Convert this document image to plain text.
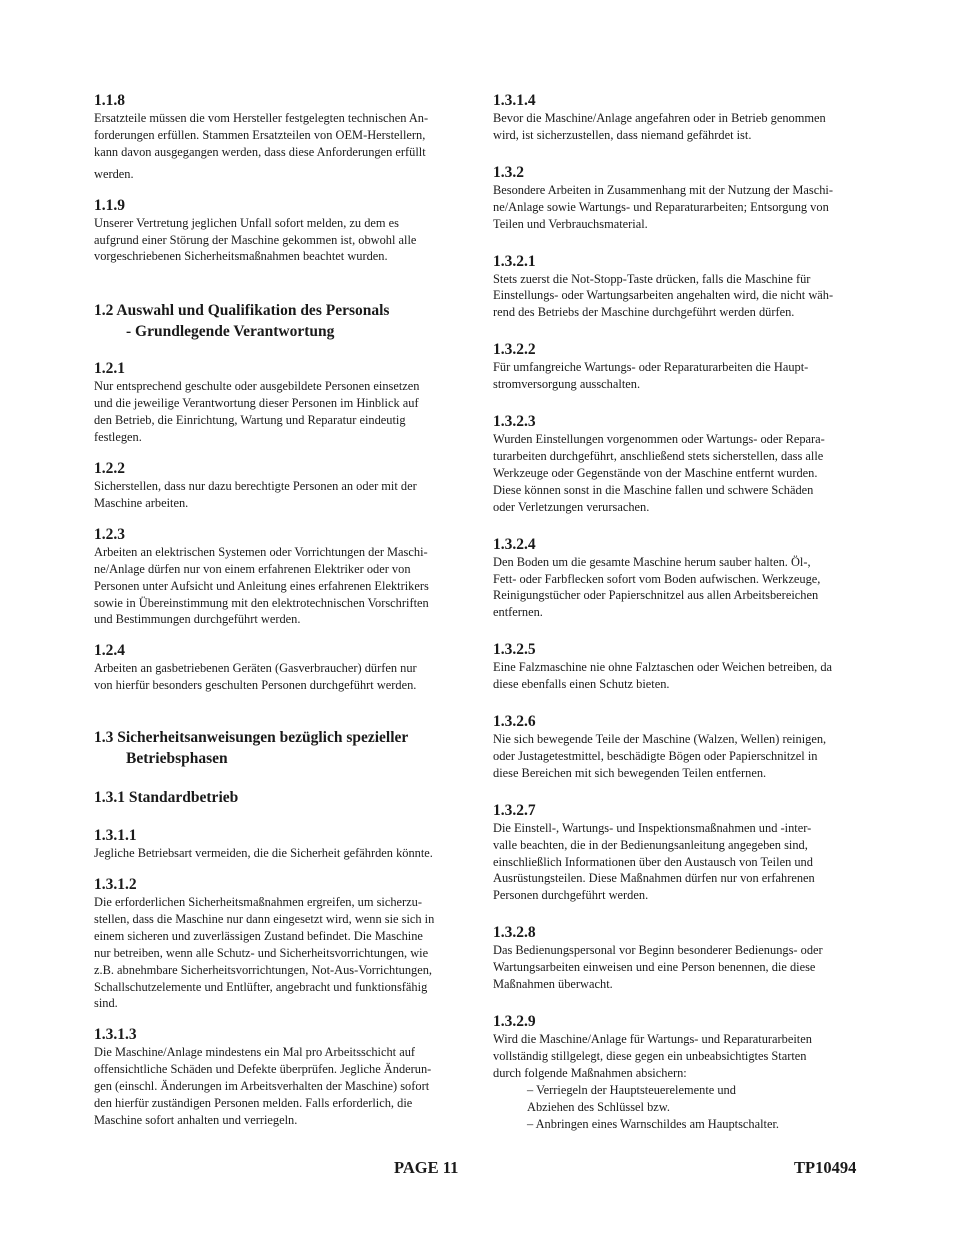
1.1.8

Ersatzteile müssen die vom Hersteller festgelegten technischen An-
forderungen erfüllen. Stammen Ersatzteilen von OEM-Herstellern,
kann davon ausgegangen werden, dass diese Anforderungen erfüllt
werden.

1.1.9

Unserer Vertretung jeglichen Unfall sofort melden, zu dem es
aufgrund einer Störung der Maschine gekommen ist, obwohl alle
vorgeschriebenen Sicherheitsmaßnahmen beachtet wurden.

1.2 Auswahl und Qualifikation des Personals
- Grundlegende Verantwortung

1.2.1

Nur entsprechend geschulte oder ausgebildete Personen einsetzen
und die jeweilige Verantwortung dieser Personen im Hinblick auf
den Betrieb, die Einrichtung, Wartung und Reparatur eindeutig
festlegen.

1.2.2

Sicherstellen, dass nur dazu berechtigte Personen an oder mit der
Maschine arbeiten.

1.2.3

Arbeiten an elektrischen Systemen oder Vorrichtungen der Maschi-
ne/Anlage dürfen nur von einem erfahrenen Elektriker oder von
Personen unter Aufsicht und Anleitung eines erfahrenen Elektrikers
sowie in Übereinstimmung mit den elektrotechnischen Vorschriften
und Bestimmungen durchgeführt werden.

1.2.4

Arbeiten an gasbetriebenen Geräten (Gasverbraucher) dürfen nur
von hierfür besonders geschulten Personen durchgeführt werden.

1.3 Sicherheitsanweisungen bezüglich spezieller
Betriebsphasen
1.3.1 Standardbetrieb

1.3.1.1

Jegliche Betriebsart vermeiden, die die Sicherheit gefährden könnte.

1.3.1.2

Die erforderlichen Sicherheitsmaßnahmen ergreifen, um sicherzu-
stellen, dass die Maschine nur dann eingesetzt wird, wenn sie sich in
einem sicheren und zuverlässigen Zustand befindet. Die Maschine
nur betreiben, wenn alle Schutz- und Sicherheitsvorrichtungen, wie
z.B. abnehmbare Sicherheitsvorrichtungen, Not-Aus-Vorrichtungen,
Schallschutzelemente und Entlüfter, angebracht und funktionsfähig
sind.

1.3.1.3

Die Maschine/Anlage mindestens ein Mal pro Arbeitsschicht auf
offensichtliche Schäden und Defekte überprüfen. Jegliche Änderun-
gen (einschl. Änderungen im Arbeitsverhalten der Maschine) sofort
den hierfür zuständigen Personen melden. Falls erforderlich, die
Maschine sofort anhalten und verriegeln.

1.3.1.4

Bevor die Maschine/Anlage angefahren oder in Betrieb genommen
wird, ist sicherzustellen, dass niemand gefährdet ist.

1.3.2

Besondere Arbeiten in Zusammenhang mit der Nutzung der Maschi-
ne/Anlage sowie Wartungs- und Reparaturarbeiten; Entsorgung von
Teilen und Verbrauchsmaterial.

1.3.2.1

Stets zuerst die Not-Stopp-Taste drücken, falls die Maschine für
Einstellungs- oder Wartungsarbeiten angehalten wird, die nicht wäh-
rend des Betriebs der Maschine durchgeführt werden dürfen.

1.3.2.2

Für umfangreiche Wartungs- oder Reparaturarbeiten die Haupt-
stromversorgung ausschalten.

1.3.2.3

Wurden Einstellungen vorgenommen oder Wartungs- oder Repara-
turarbeiten durchgeführt, anschließend stets sicherstellen, dass alle
Werkzeuge oder Gegenstände von der Maschine entfernt wurden.
Diese können sonst in die Maschine fallen und schwere Schäden
oder Verletzungen verursachen.

1.3.2.4

Den Boden um die gesamte Maschine herum sauber halten. Öl-,
Fett- oder Farbflecken sofort vom Boden aufwischen. Werkzeuge,
Reinigungstücher oder Papierschnitzel aus allen Arbeitsbereichen
entfernen.

1.3.2.5

Eine Falzmaschine nie ohne Falztaschen oder Weichen betreiben, da
diese ebenfalls einen Schutz bieten.

1.3.2.6

Nie sich bewegende Teile der Maschine (Walzen, Wellen) reinigen,
oder Justagetestmittel, beschädigte Bögen oder Papierschnitzel in
diese Bereichen mit sich bewegenden Teilen entfernen.

1.3.2.7

Die Einstell-, Wartungs- und Inspektionsmaßnahmen und -inter-
valle beachten, die in der Bedienungsanleitung angegeben sind,
einschließlich Informationen über den Austausch von Teilen und
Ausrüstungsteilen. Diese Maßnahmen dürfen nur von erfahrenen
Personen durchgeführt werden.

1.3.2.8

Das Bedienungspersonal vor Beginn besonderer Bedienungs- oder
Wartungsarbeiten einweisen und eine Person benennen, die diese
Maßnahmen überwacht.

1.3.2.9

Wird die Maschine/Anlage für Wartungs- und Reparaturarbeiten
vollständig stillgelegt, diese gegen ein unbeabsichtigtes Starten
durch folgende Maßnahmen absichern:

– Verriegeln der Hauptsteuerelemente und
Abziehen des Schlüssel bzw.
– Anbringen eines Warnschildes am Hauptschalter.

PAGE 11	TP10494
